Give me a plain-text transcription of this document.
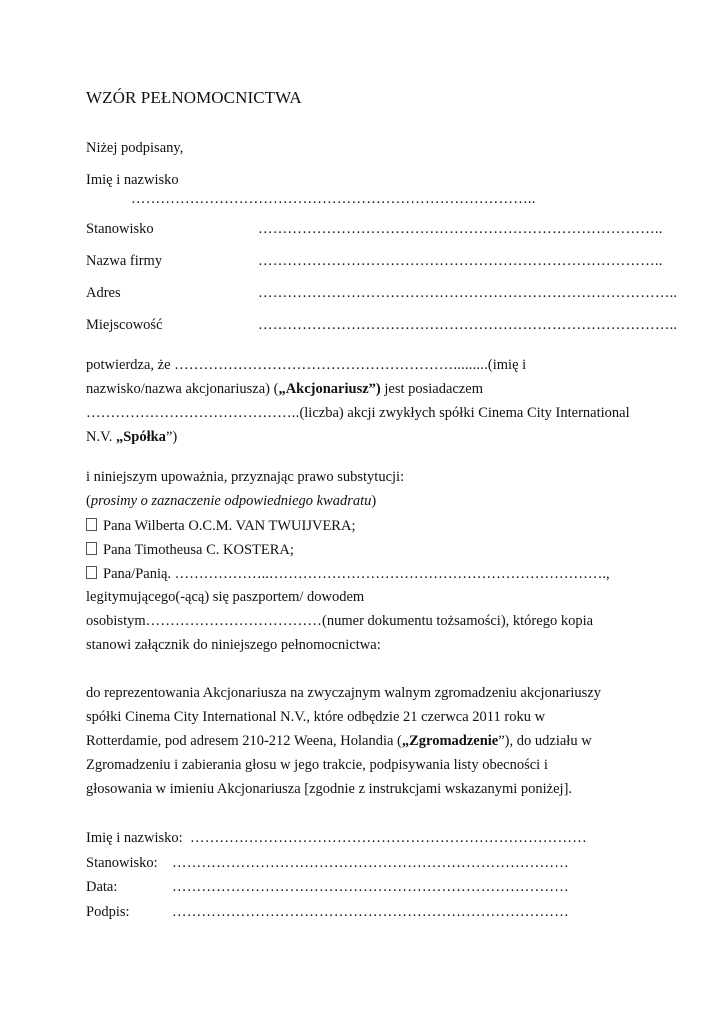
WZÓR PEŁNOMOCNICTWA
Niżej podpisany,
Imię i nazwisko
………………………………………………………………………..
Stanowisko	………………………………………………………………………..
Nazwa firmy	………………………………………………………………………..
Adres	…………………………………………………………………………..
Miejscowość	…………………………………………………………………………..
potwierdza, że ………………………………………………….........(imię i
nazwisko/nazwa akcjonariusza) („Akcjonariusz”) jest posiadaczem
……………………………………..(liczba) akcji zwykłych spółki Cinema City International
N.V. „Spółka”)
i niniejszym upoważnia, przyznając prawo substytucji:
(prosimy o zaznaczenie odpowiedniego kwadratu)
Pana Wilberta O.C.M. VAN TWUIJVERA;
Pana Timotheusa C. KOSTERA;
Pana/Panią. ………………..…………………………………………………………….,
legitymującego(-ącą) się paszportem/ dowodem
osobistym………………………………(numer dokumentu tożsamości), którego kopia
stanowi załącznik do niniejszego pełnomocnictwa:
do reprezentowania Akcjonariusza na zwyczajnym walnym zgromadzeniu akcjonariuszy
spółki Cinema City International N.V., które odbędzie 21 czerwca 2011 roku w
Rotterdamie, pod adresem 210-212 Weena, Holandia („Zgromadzenie”), do udziału w
Zgromadzeniu i zabierania głosu w jego trakcie, podpisywania listy obecności i
głosowania w imieniu Akcjonariusza [zgodnie z instrukcjami wskazanymi poniżej].
Imię i nazwisko: ………………………………………………………………………
Stanowisko: ………………………………………………………………………
Data:	………………………………………………………………………
Podpis:	………………………………………………………………………
